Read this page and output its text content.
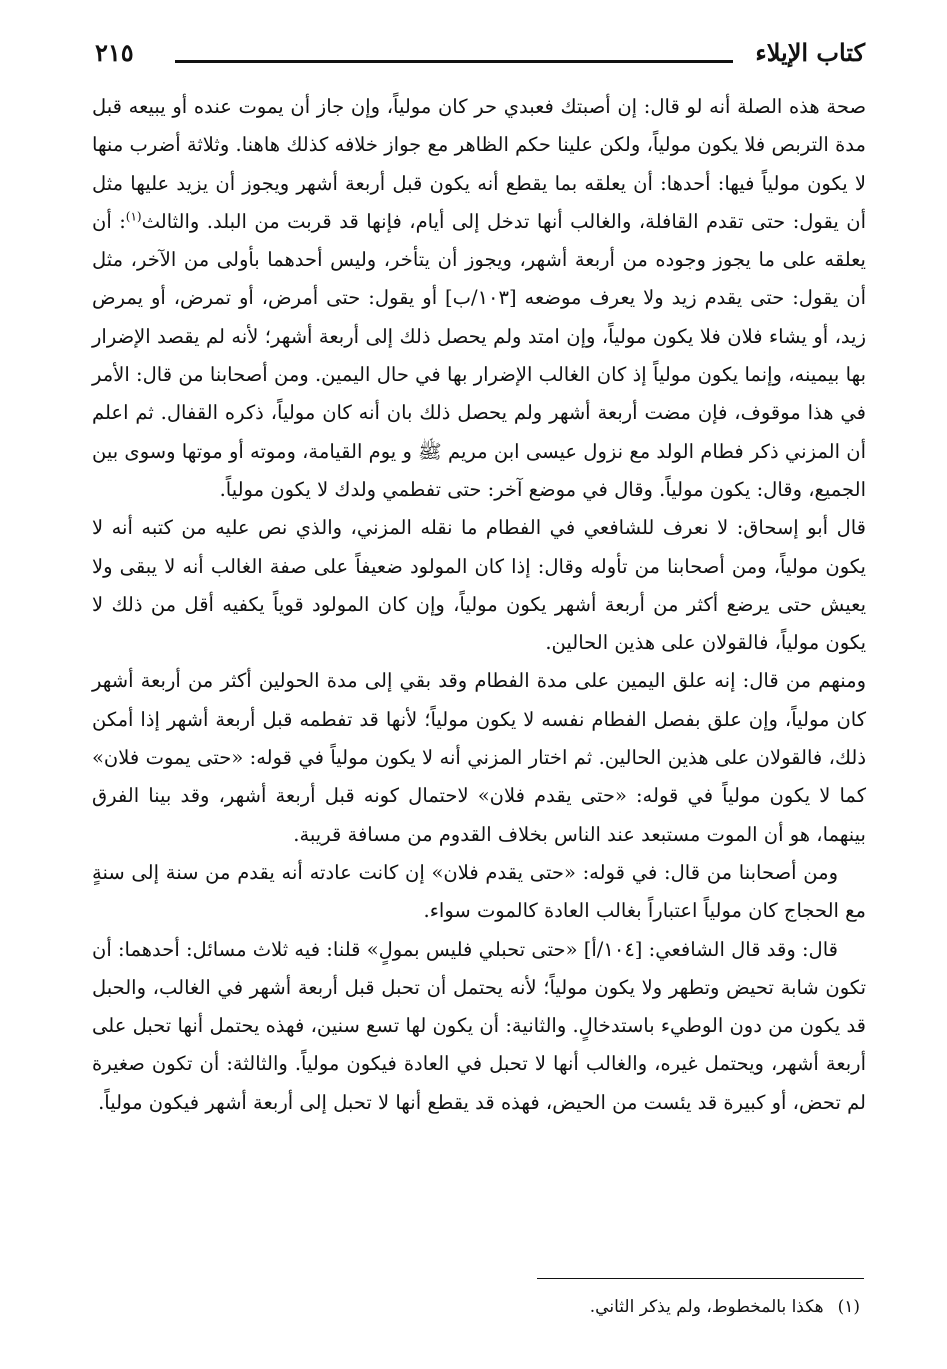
كتاب الإيلاء
٢١٥

صحة هذه الصلة أنه لو قال: إن أصبتك فعبدي حر كان مولياً، وإن جاز أن يموت عنده أو يبيعه قبل مدة التربص فلا يكون مولياً، ولكن علينا حكم الظاهر مع جواز خلافه كذلك هاهنا. وثلاثة أضرب منها لا يكون مولياً فيها: أحدها: أن يعلقه بما يقطع أنه يكون قبل أربعة أشهر ويجوز أن يزيد عليها مثل أن يقول: حتى تقدم القافلة، والغالب أنها تدخل إلى أيام، فإنها قد قربت من البلد. والثالث$^{(١)}$: أن يعلقه على ما يجوز وجوده من أربعة أشهر، ويجوز أن يتأخر، وليس أحدهما بأولى من الآخر، مثل أن يقول: حتى يقدم زيد ولا يعرف موضعه [١٠٣/ب] أو يقول: حتى أمرض، أو تمرض، أو يمرض زيد، أو يشاء فلان فلا يكون مولياً، وإن امتد ولم يحصل ذلك إلى أربعة أشهر؛ لأنه لم يقصد الإضرار بها بيمينه، وإنما يكون مولياً إذ كان الغالب الإضرار بها في حال اليمين. ومن أصحابنا من قال: الأمر في هذا موقوف، فإن مضت أربعة أشهر ولم يحصل ذلك بان أنه كان مولياً، ذكره القفال. ثم اعلم أن المزني ذكر فطام الولد مع نزول عيسى ابن مريم ﷺ و يوم القيامة، وموته أو موتها وسوى بين الجميع، وقال: يكون مولياً. وقال في موضع آخر: حتى تفطمي ولدك لا يكون مولياً.

قال أبو إسحاق: لا نعرف للشافعي في الفطام ما نقله المزني، والذي نص عليه من كتبه أنه لا يكون مولياً، ومن أصحابنا من تأوله وقال: إذا كان المولود ضعيفاً على صفة الغالب أنه لا يبقى ولا يعيش حتى يرضع أكثر من أربعة أشهر يكون مولياً، وإن كان المولود قوياً يكفيه أقل من ذلك لا يكون مولياً، فالقولان على هذين الحالين.

ومنهم من قال: إنه علق اليمين على مدة الفطام وقد بقي إلى مدة الحولين أكثر من أربعة أشهر كان مولياً، وإن علق بفصل الفطام نفسه لا يكون مولياً؛ لأنها قد تفطمه قبل أربعة أشهر إذا أمكن ذلك، فالقولان على هذين الحالين. ثم اختار المزني أنه لا يكون مولياً في قوله: «حتى يموت فلان» كما لا يكون مولياً في قوله: «حتى يقدم فلان» لاحتمال كونه قبل أربعة أشهر، وقد بينا الفرق بينهما، هو أن الموت مستبعد عند الناس بخلاف القدوم من مسافة قريبة.

ومن أصحابنا من قال: في قوله: «حتى يقدم فلان» إن كانت عادته أنه يقدم من سنة إلى سنةٍ مع الحجاج كان مولياً اعتباراً بغالب العادة كالموت سواء.

قال: وقد قال الشافعي: [١٠٤/أ] «حتى تحبلي فليس بمولٍ» قلنا: فيه ثلاث مسائل: أحدهما: أن تكون شابة تحيض وتطهر ولا يكون مولياً؛ لأنه يحتمل أن تحبل قبل أربعة أشهر في الغالب، والحبل قد يكون من دون الوطيء باستدخالٍ. والثانية: أن يكون لها تسع سنين، فهذه يحتمل أنها تحبل على أربعة أشهر، ويحتمل غيره، والغالب أنها لا تحبل في العادة فيكون مولياً. والثالثة: أن تكون صغيرة لم تحض، أو كبيرة قد يئست من الحيض، فهذه قد يقطع أنها لا تحبل إلى أربعة أشهر فيكون مولياً.

(١)هكذا بالمخطوط، ولم يذكر الثاني.
